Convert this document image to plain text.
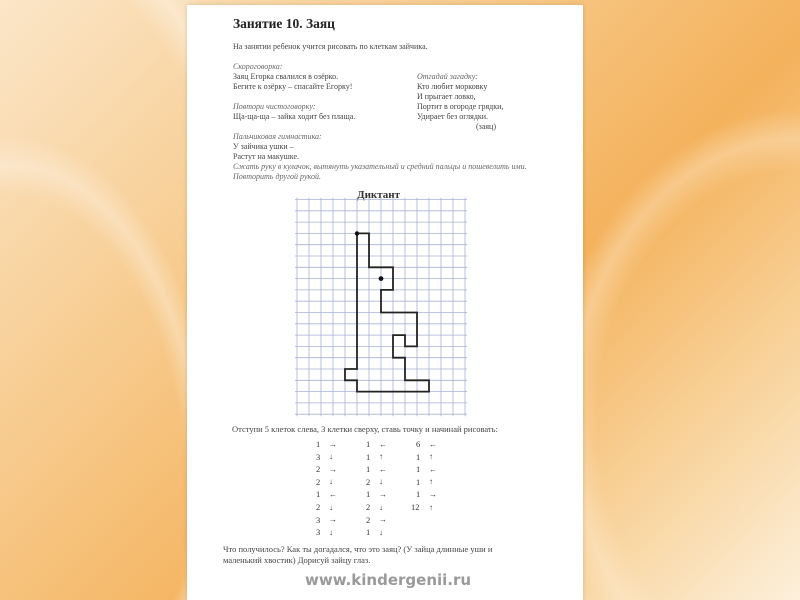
Занятие 10. Заяц
На занятии ребенок учится рисовать по клеткам зайчика.
Скороговорка:
Заяц Егорка свалился в озёрко.
Бегите к озёрку – спасайте Егорку!
Повтори чистоговорку:
Ща-ща-ща – зайка ходит без плаща.
Отгадай загадку:
Кто любит морковку
И прыгает ловко,
Портит в огороде грядки,
Удирает без оглядки.
(заяц)
Пальчиковая гимнастика:
У зайчика ушки –
Растут на макушке.
Сжать руку в кулачок, вытянуть указательный и средний пальцы и пошевелить ими.
Повторить другой рукой.
Диктант
Отступи 5 клеток слева, 3 клетки сверху, ставь точку и начинай рисовать:
1 →
3 ↓
2 →
2 ↓
1 ←
2 ↓
3 →
3 ↓
1 ←
1 ↑
1 ←
2 ↓
1 →
2 ↓
2 →
1 ↓
6 ←
1 ↑
1 ←
1 ↑
1 →
12 ↑
Что получилось? Как ты догадался, что это заяц? (У зайца длинные уши и
маленький хвостик) Дорисуй зайцу глаз.
www.kindergenii.ru
